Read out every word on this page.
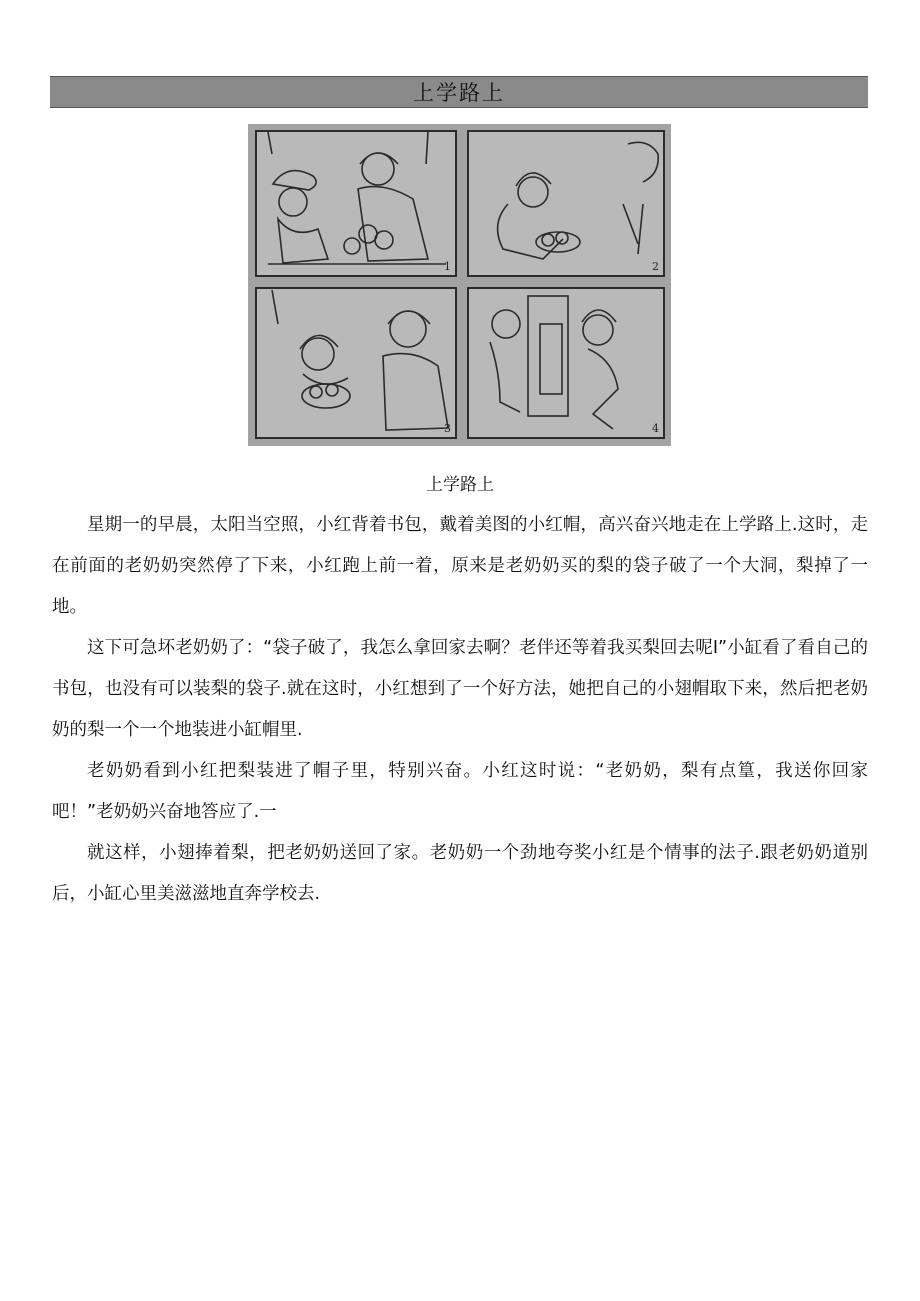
上学路上
1	2
3	4
上学路上

星期一的早晨，太阳当空照，小红背着书包，戴着美图的小红帽，高兴奋兴地走在上学路上.这时，走在前面的老奶奶突然停了下来，小红跑上前一着，原来是老奶奶买的梨的袋子破了一个大洞，梨掉了一地。

这下可急坏老奶奶了：“袋子破了，我怎么拿回家去啊？老伴还等着我买梨回去呢I”小缸看了看自己的书包，也没有可以装梨的袋子.就在这时，小红想到了一个好方法，她把自己的小翅帽取下来，然后把老奶奶的梨一个一个地装进小缸帽里.

老奶奶看到小红把梨装进了帽子里，特别兴奋。小红这时说：“老奶奶，梨有点篁，我送你回家吧！”老奶奶兴奋地答应了.一

就这样，小翅捧着梨，把老奶奶送回了家。老奶奶一个劲地夸奖小红是个情事的法子.跟老奶奶道别后，小缸心里美滋滋地直奔学校去.
